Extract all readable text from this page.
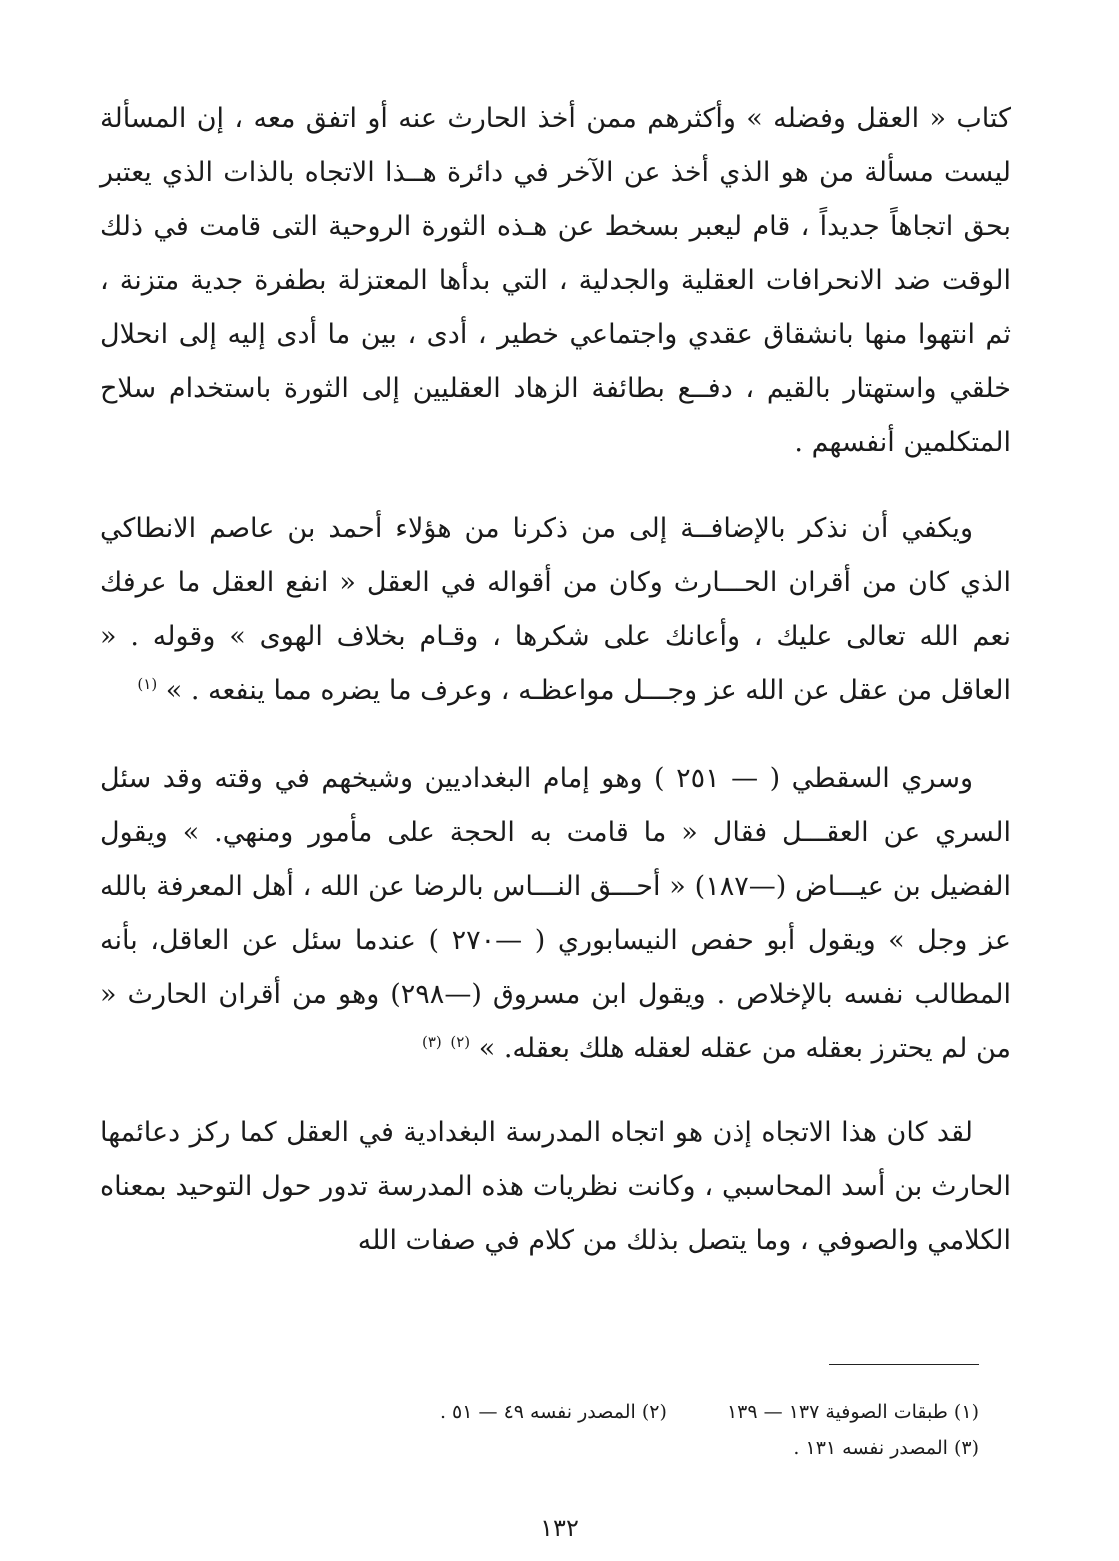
كتاب « العقل وفضله » وأكثرهم ممن أخذ الحارث عنه أو اتفق معه ، إن المسألة ليست مسألة من هو الذي أخذ عن الآخر في دائرة هــذا الاتجاه بالذات الذي يعتبر بحق اتجاهاً جديداً ، قام ليعبر بسخط عن هـذه الثورة الروحية التى قامت في ذلك الوقت ضد الانحرافات العقلية والجدلية ، التي بدأها المعتزلة بطفرة جدية متزنة ، ثم انتهوا منها بانشقاق عقدي واجتماعي خطير ، أدى ، بين ما أدى إليه إلى انحلال خلقي واستهتار بالقيم ، دفــع بطائفة الزهاد العقليين إلى الثورة باستخدام سلاح المتكلمين أنفسهم .

ويكفي أن نذكر بالإضافــة إلى من ذكرنا من هؤلاء أحمد بن عاصم الانطاكي الذي كان من أقران الحـــارث وكان من أقواله في العقل « انفع العقل ما عرفك نعم الله تعالى عليك ، وأعانك على شكرها ، وقـام بخلاف الهوى » وقوله . « العاقل من عقل عن الله عز وجـــل مواعظـه ، وعرف ما يضره مما ينفعه . » $^{(١)}$

وسري السقطي ( — ٢٥١ ) وهو إمام البغداديين وشيخهم في وقته وقد سئل السري عن العقـــل فقال « ما قامت به الحجة على مأمور ومنهي. » ويقول الفضيل بن عيـــاض (—١٨٧) « أحـــق النـــاس بالرضا عن الله ، أهل المعرفة بالله عز وجل » ويقول أبو حفص النيسابوري ( —٢٧٠ ) عندما سئل عن العاقل، بأنه المطالب نفسه بالإخلاص . ويقول ابن مسروق (—٢٩٨) وهو من أقران الحارث « من لم يحترز بعقله من عقله لعقله هلك بعقله. » $^{(٢)}$ $^{(٣)}$

لقد كان هذا الاتجاه إذن هو اتجاه المدرسة البغدادية في العقل كما ركز دعائمها الحارث بن أسد المحاسبي ، وكانت نظريات هذه المدرسة تدور حول التوحيد بمعناه الكلامي والصوفي ، وما يتصل بذلك من كلام في صفات الله

(١) طبقات الصوفية ١٣٧ — ١٣٩  (٢) المصدر نفسه ٤٩ — ٥١ .
(٣) المصدر نفسه ١٣١ .
١٣٢
